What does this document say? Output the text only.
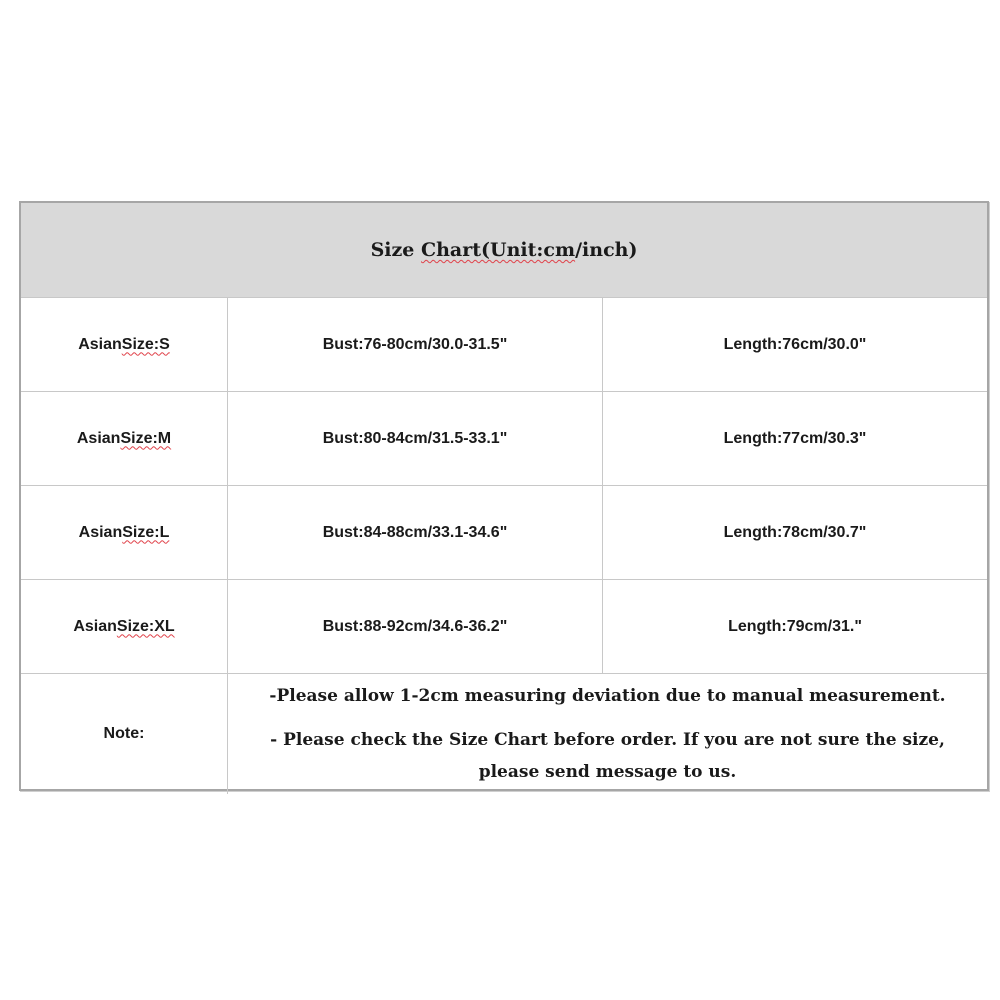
Size Chart(Unit:cm/inch)
Asian Size:S	Bust:76-80cm/30.0-31.5"	Length:76cm/30.0"
Asian Size:M	Bust:80-84cm/31.5-33.1"	Length:77cm/30.3"
Asian Size:L	Bust:84-88cm/33.1-34.6"	Length:78cm/30.7"
Asian Size:XL	Bust:88-92cm/34.6-36.2"	Length:79cm/31."
Note:

-Please allow 1-2cm measuring deviation due to manual measurement.

- Please check the Size Chart before order. If you are not sure the size, please send message to us.
